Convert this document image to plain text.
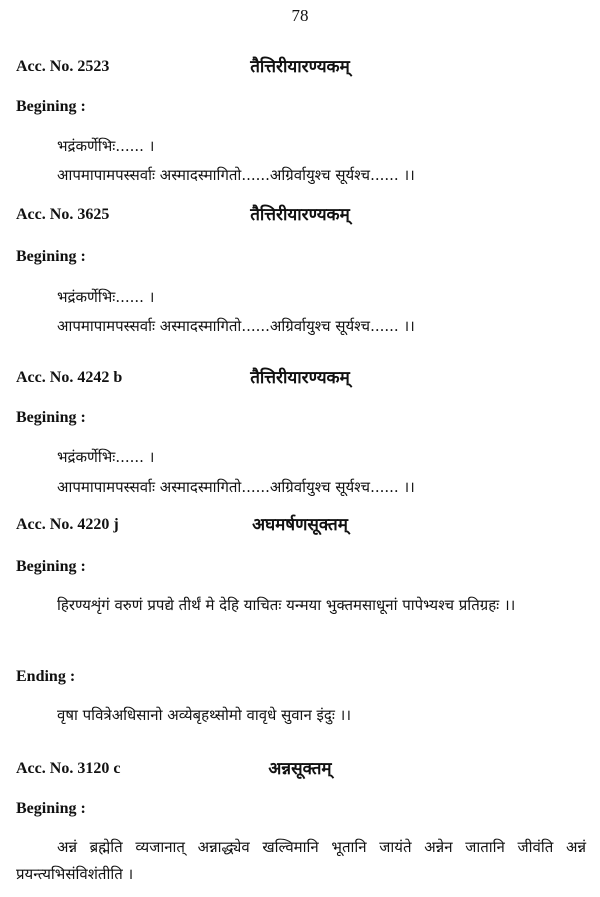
78
Acc. No. 2523	तैत्तिरीयारण्यकम्
Begining :
भद्रंकर्णेभिः...... ।
आपमापामपस्सर्वाः अस्मादस्मागितो......अग्रिर्वायुश्च सूर्यश्च...... ।।
Acc. No. 3625	तैत्तिरीयारण्यकम्
Begining :
भद्रंकर्णेभिः...... ।
आपमापामपस्सर्वाः अस्मादस्मागितो......अग्रिर्वायुश्च सूर्यश्च...... ।।
Acc. No. 4242 b	तैत्तिरीयारण्यकम्
Begining :
भद्रंकर्णेभिः...... ।
आपमापामपस्सर्वाः अस्मादस्मागितो......अग्रिर्वायुश्च सूर्यश्च...... ।।
Acc. No. 4220 j	अघमर्षणसूक्तम्
Begining :
हिरण्यशृंगं वरुणं प्रपद्ये तीर्थं मे देहि याचितः यन्मया भुक्तमसाधूनां पापेभ्यश्च प्रतिग्रहः ।।
Ending :
वृषा पवित्रेअधिसानो अव्येबृहथ्सोमो वावृधे सुवान इंदुः ।।
Acc. No. 3120 c	अन्नसूक्तम्
Begining :
अन्नं ब्रह्मेति व्यजानात् अन्नाद्ध्येव खल्विमानि भूतानि जायंते अन्नेन जातानि जीवंति अन्नं प्रयन्त्यभिसंविशंतीति ।
